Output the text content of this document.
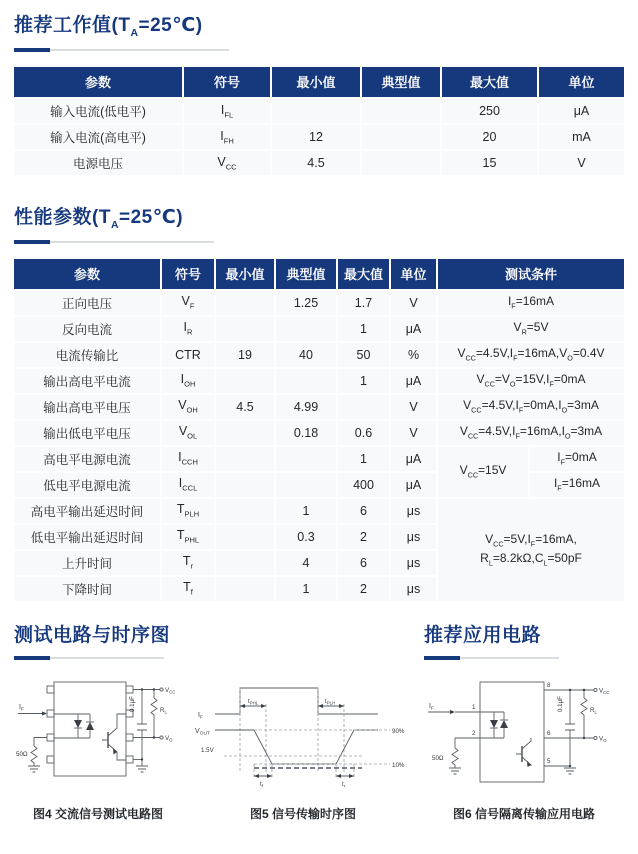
推荐工作值$(T_A=25℃)$
参数	符号	最小值	典型值	最大值	单位
输入电流(低电平)	$I_{FL}$			250	μA
输入电流(高电平)	$I_{FH}$	12		20	mA
电源电压	$V_{CC}$	4.5		15	V
性能参数$(T_A=25℃)$
参数	符号	最小值	典型值	最大值	单位	测试条件	
正向电压	$V_F$		1.25	1.7	V	$I_F=16mA$	
反向电流	$I_R$			1	μA	$V_R=5V$	
电流传输比	CTR	19	40	50	%	$V_{CC}=4.5V,I_F=16mA,V_O=0.4V$	
输出高电平电流	$I_{OH}$			1	μA	$V_{CC}=V_O=15V,I_F=0mA$	
输出高电平电压	$V_{OH}$	4.5	4.99		V	$V_{CC}=4.5V,I_F=0mA,I_O=3mA$	
输出低电平电压	$V_{OL}$		0.18	0.6	V	$V_{CC}=4.5V,I_F=16mA,I_O=3mA$	
高电平电源电流	$I_{CCH}$			1	μA	$V_{CC}=15V$	$I_F=0mA$
低电平电源电流	$I_{CCL}$			400	μA		$I_F=16mA$
高电平输出延迟时间	$T_{PLH}$		1	6	μs	$V_{CC}=5V,I_F=16mA$,
$R_L=8.2k\Omega,C_L=50pF$	

低电平输出延迟时间	$T_{PHL}$		0.3	2	μs		
上升时间	$T_r$		4	6	μs		
下降时间	$T_f$		1	2	μs		
测试电路与时序图
$I_F$
50Ω
$V_{CC}$
0.1μF	$R_L$
$V_O$
图4 交流信号测试电路图
$I_F$
$t_{PHL}$	$t_{PLH}$
$V_{OUT}$	90%
1.5V
10%
$t_f$	$t_r$
图5 信号传输时序图
推荐应用电路
$I_F$	1
2
50Ω
$V_{CC}$
8
0.1μF	$R_L$
$V_O$
6
5
图6 信号隔离传输应用电路
